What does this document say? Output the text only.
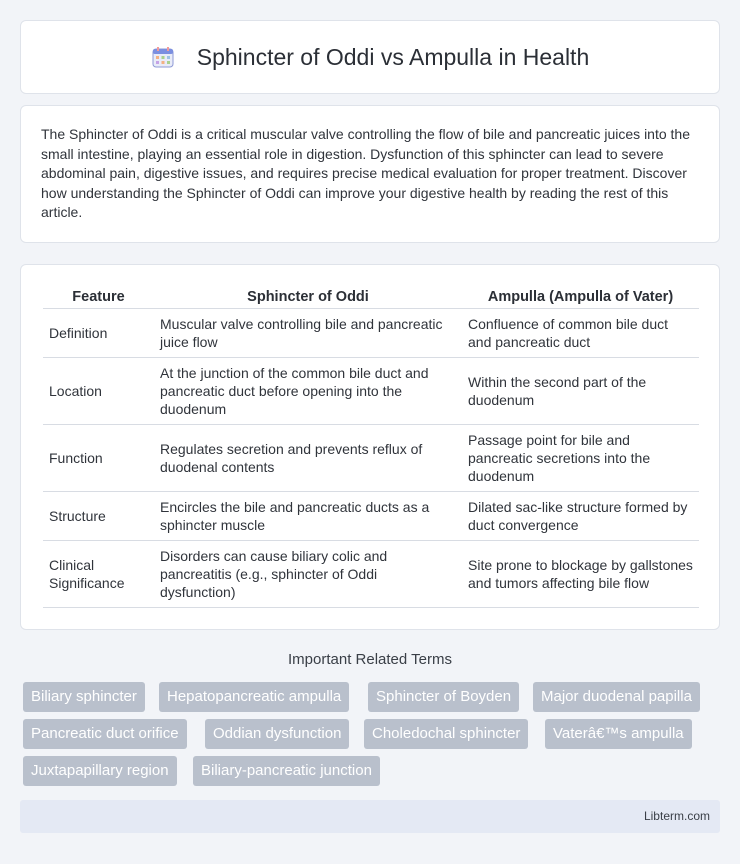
Sphincter of Oddi vs Ampulla in Health

The Sphincter of Oddi is a critical muscular valve controlling the flow of bile and pancreatic juices into the small intestine, playing an essential role in digestion. Dysfunction of this sphincter can lead to severe abdominal pain, digestive issues, and requires precise medical evaluation for proper treatment. Discover how understanding the Sphincter of Oddi can improve your digestive health by reading the rest of this article.

Feature	Sphincter of Oddi	Ampulla (Ampulla of Vater)
Definition	Muscular valve controlling bile and pancreatic juice flow	Confluence of common bile duct and pancreatic duct
Location	At the junction of the common bile duct and pancreatic duct before opening into the duodenum	Within the second part of the duodenum
Function	Regulates secretion and prevents reflux of duodenal contents	Passage point for bile and pancreatic secretions into the duodenum
Structure	Encircles the bile and pancreatic ducts as a sphincter muscle	Dilated sac-like structure formed by duct convergence
Clinical Significance	Disorders can cause biliary colic and pancreatitis (e.g., sphincter of Oddi dysfunction)	Site prone to blockage by gallstones and tumors affecting bile flow
Important Related Terms
Biliary sphincter	Hepatopancreatic ampulla	Sphincter of Boyden	Major duodenal papilla
Pancreatic duct orifice	Oddian dysfunction	Choledochal sphincter	Vaterâ€™s ampulla
Juxtapapillary region	Biliary-pancreatic junction
Libterm.com
